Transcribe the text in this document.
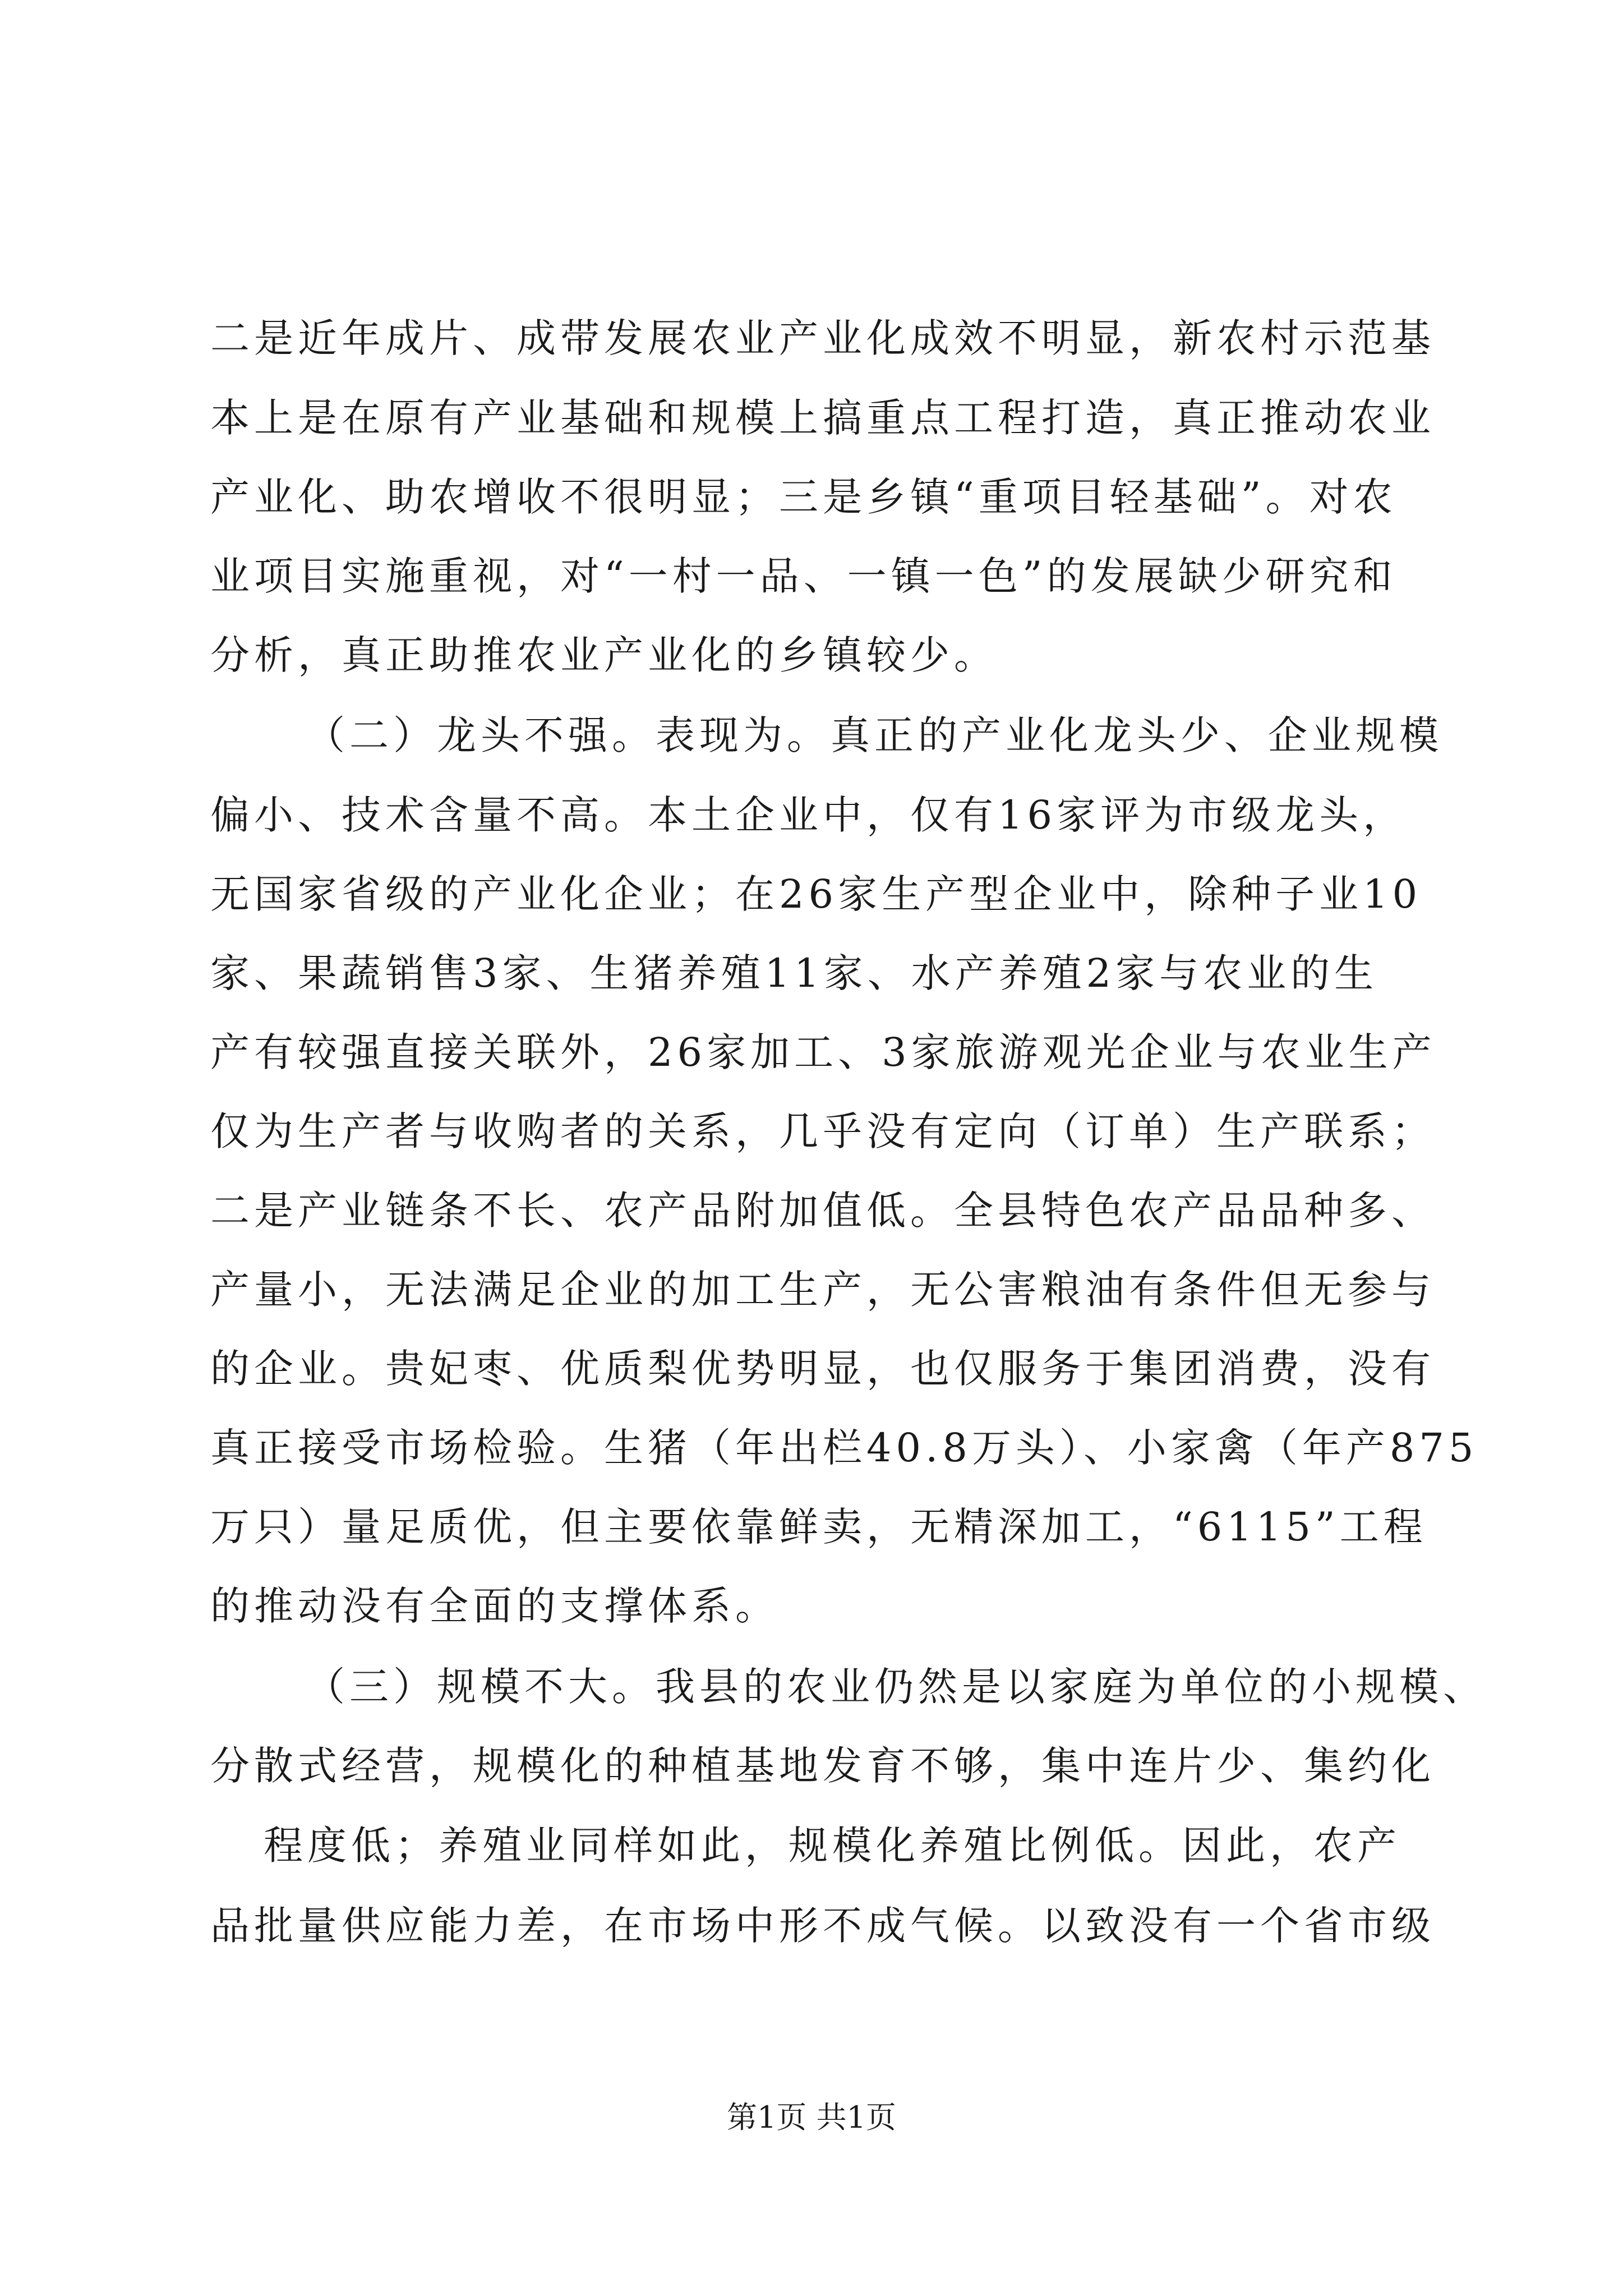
二是近年成片、成带发展农业产业化成效不明显，新农村示范基
本上是在原有产业基础和规模上搞重点工程打造，真正推动农业
产业化、助农增收不很明显；三是乡镇“重项目轻基础”。对农
业项目实施重视，对“一村一品、一镇一色”的发展缺少研究和
分析，真正助推农业产业化的乡镇较少。
（二）龙头不强。表现为。真正的产业化龙头少、企业规模
偏小、技术含量不高。本土企业中，仅有16家评为市级龙头，
无国家省级的产业化企业；在26家生产型企业中，除种子业10
家、果蔬销售3家、生猪养殖11家、水产养殖2家与农业的生
产有较强直接关联外，26家加工、3家旅游观光企业与农业生产
仅为生产者与收购者的关系，几乎没有定向（订单）生产联系；
二是产业链条不长、农产品附加值低。全县特色农产品品种多、
产量小，无法满足企业的加工生产，无公害粮油有条件但无参与
的企业。贵妃枣、优质梨优势明显，也仅服务于集团消费，没有
真正接受市场检验。生猪（年出栏40.8万头）、小家禽（年产875
万只）量足质优，但主要依靠鲜卖，无精深加工，“6115”工程
的推动没有全面的支撑体系。
（三）规模不大。我县的农业仍然是以家庭为单位的小规模、
分散式经营，规模化的种植基地发育不够，集中连片少、集约化
程度低；养殖业同样如此，规模化养殖比例低。因此，农产
品批量供应能力差，在市场中形不成气候。以致没有一个省市级
第1页 共1页
